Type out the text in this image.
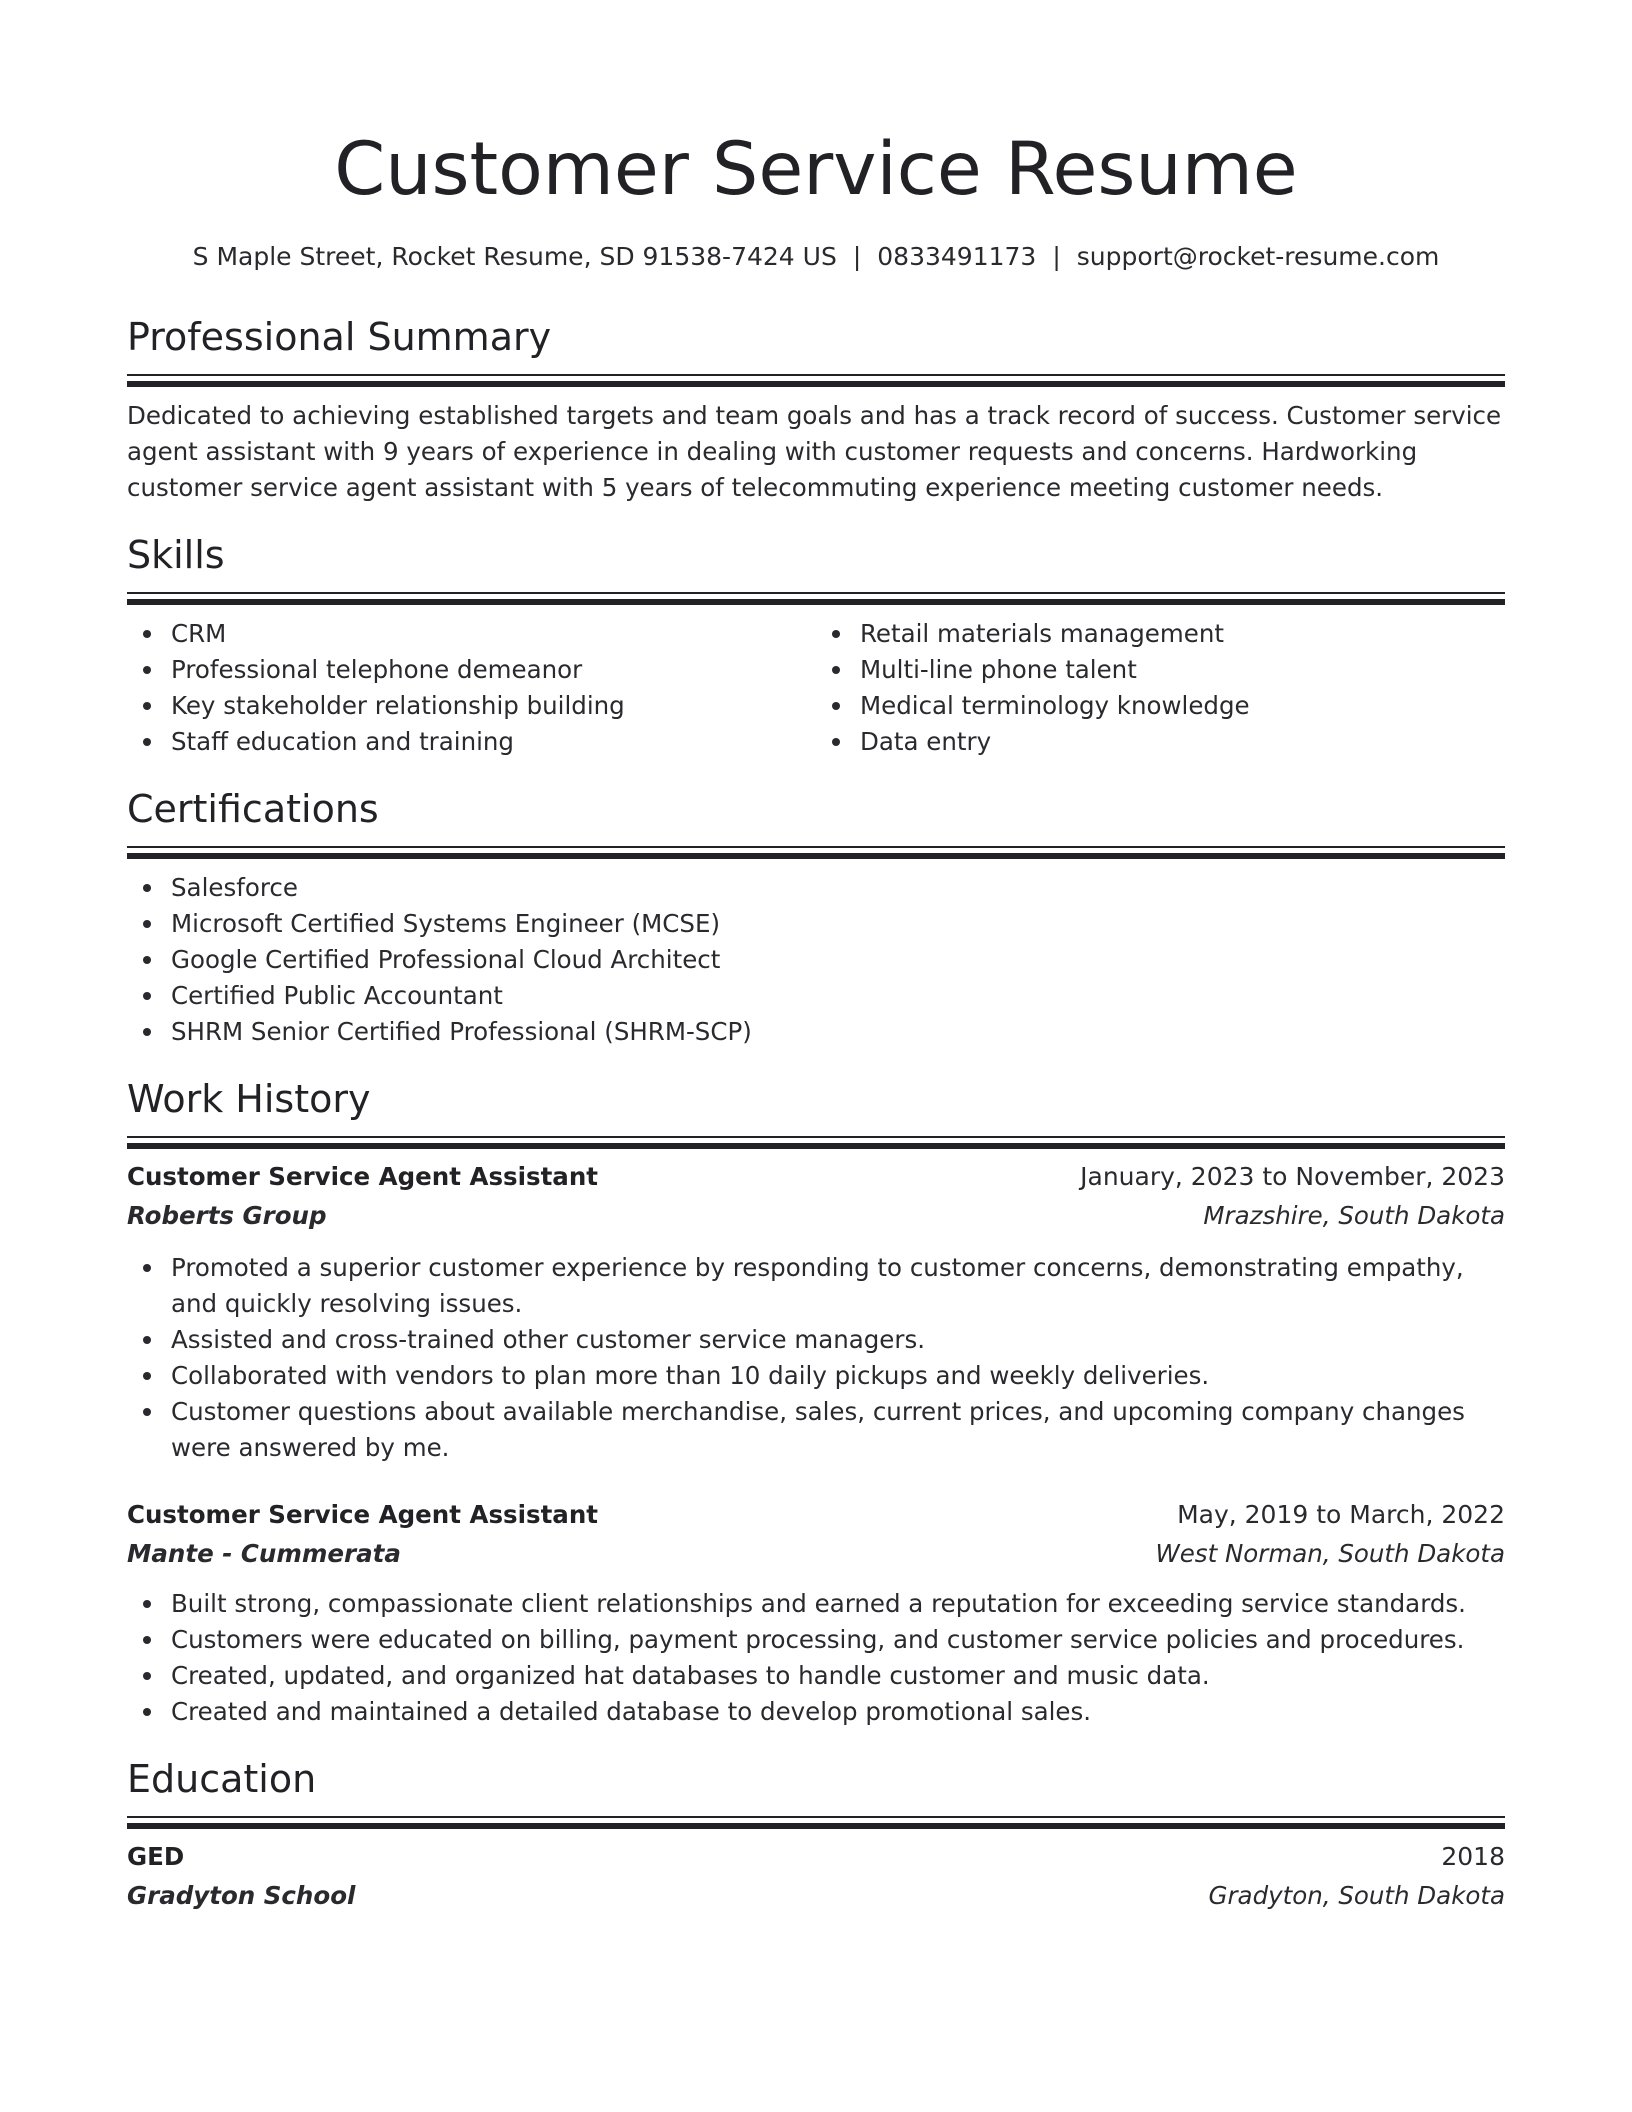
Customer Service Resume
S Maple Street, Rocket Resume, SD 91538-7424 US | 0833491173 | support@rocket-resume.com
Professional Summary
Dedicated to achieving established targets and team goals and has a track record of success. Customer service agent assistant with 9 years of experience in dealing with customer requests and concerns. Hardworking customer service agent assistant with 5 years of telecommuting experience meeting customer needs.
Skills
CRM
Professional telephone demeanor
Key stakeholder relationship building
Staff education and training
Retail materials management
Multi-line phone talent
Medical terminology knowledge
Data entry
Certifications
Salesforce
Microsoft Certified Systems Engineer (MCSE)
Google Certified Professional Cloud Architect
Certified Public Accountant
SHRM Senior Certified Professional (SHRM-SCP)
Work History
Customer Service Agent Assistant	January, 2023 to November, 2023
Roberts Group	Mrazshire, South Dakota
Promoted a superior customer experience by responding to customer concerns, demonstrating empathy, and quickly resolving issues.
Assisted and cross-trained other customer service managers.
Collaborated with vendors to plan more than 10 daily pickups and weekly deliveries.
Customer questions about available merchandise, sales, current prices, and upcoming company changes were answered by me.
Customer Service Agent Assistant	May, 2019 to March, 2022
Mante - Cummerata	West Norman, South Dakota
Built strong, compassionate client relationships and earned a reputation for exceeding service standards.
Customers were educated on billing, payment processing, and customer service policies and procedures.
Created, updated, and organized hat databases to handle customer and music data.
Created and maintained a detailed database to develop promotional sales.
Education
GED	2018
Gradyton School	Gradyton, South Dakota
